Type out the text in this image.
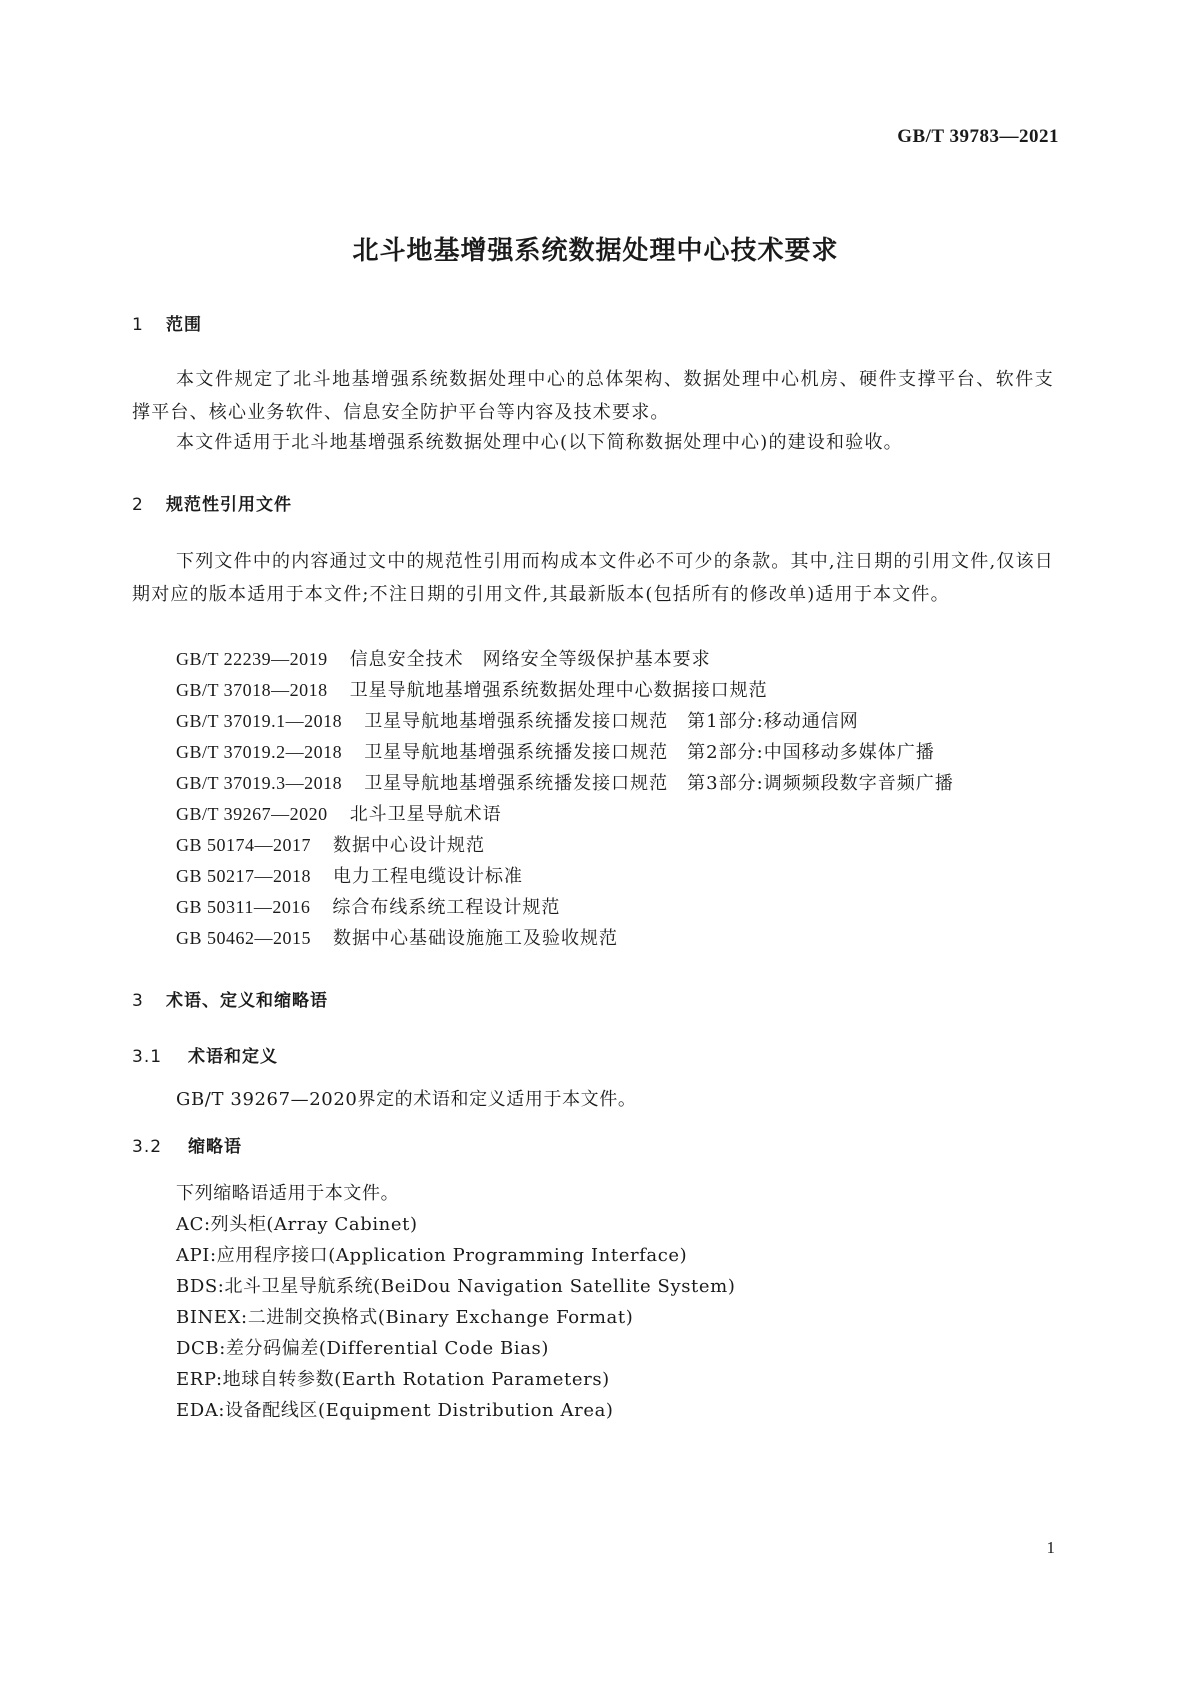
GB/T 39783—2021
北斗地基增强系统数据处理中心技术要求
1 范围
本文件规定了北斗地基增强系统数据处理中心的总体架构、数据处理中心机房、硬件支撑平台、软件支撑平台、核心业务软件、信息安全防护平台等内容及技术要求。
本文件适用于北斗地基增强系统数据处理中心(以下简称数据处理中心)的建设和验收。
2 规范性引用文件
下列文件中的内容通过文中的规范性引用而构成本文件必不可少的条款。其中,注日期的引用文件,仅该日期对应的版本适用于本文件;不注日期的引用文件,其最新版本(包括所有的修改单)适用于本文件。
GB/T 22239—2019 信息安全技术　网络安全等级保护基本要求
GB/T 37018—2018 卫星导航地基增强系统数据处理中心数据接口规范
GB/T 37019.1—2018 卫星导航地基增强系统播发接口规范　第1部分:移动通信网
GB/T 37019.2—2018 卫星导航地基增强系统播发接口规范　第2部分:中国移动多媒体广播
GB/T 37019.3—2018 卫星导航地基增强系统播发接口规范　第3部分:调频频段数字音频广播
GB/T 39267—2020 北斗卫星导航术语
GB 50174—2017 数据中心设计规范
GB 50217—2018 电力工程电缆设计标准
GB 50311—2016 综合布线系统工程设计规范
GB 50462—2015 数据中心基础设施施工及验收规范
3 术语、定义和缩略语
3.1 术语和定义
GB/T 39267—2020界定的术语和定义适用于本文件。
3.2 缩略语
下列缩略语适用于本文件。
AC:列头柜(Array Cabinet)
API:应用程序接口(Application Programming Interface)
BDS:北斗卫星导航系统(BeiDou Navigation Satellite System)
BINEX:二进制交换格式(Binary Exchange Format)
DCB:差分码偏差(Differential Code Bias)
ERP:地球自转参数(Earth Rotation Parameters)
EDA:设备配线区(Equipment Distribution Area)
1
